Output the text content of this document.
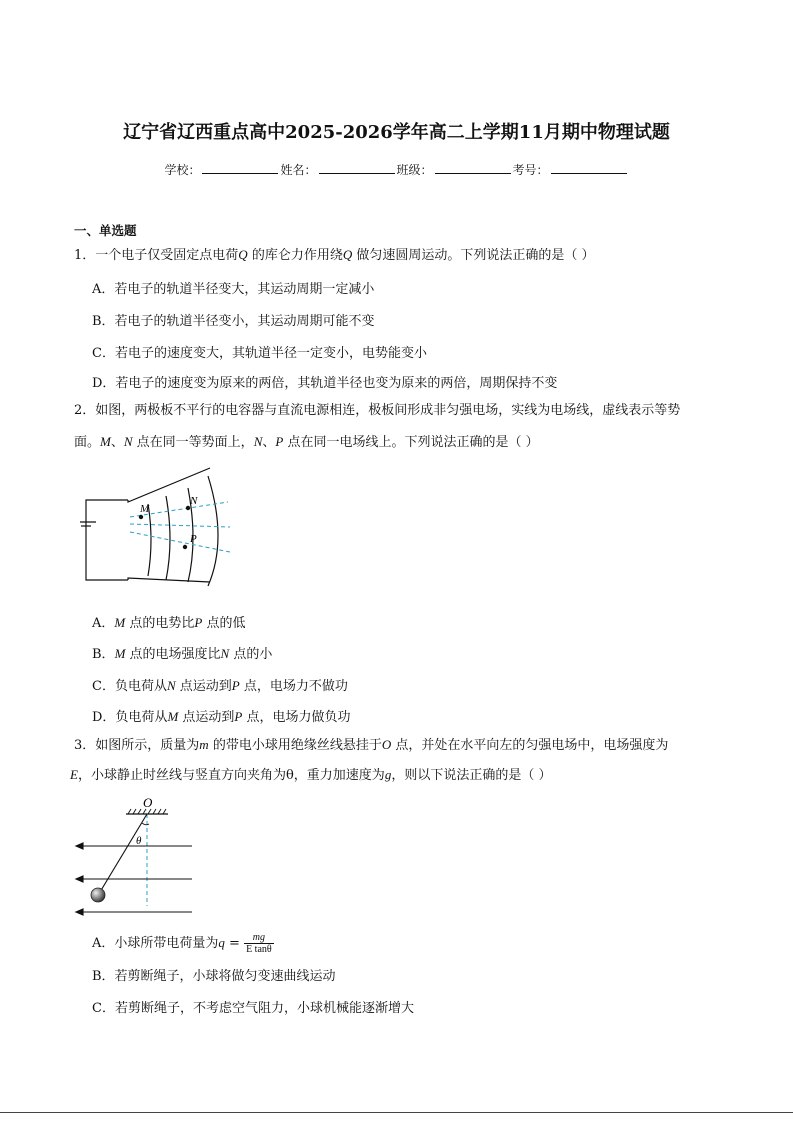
辽宁省辽西重点高中2025-2026学年高二上学期11月期中物理试题
学校：	姓名：	班级：	考号：
一、单选题
1．一个电子仅受固定点电荷Q 的库仑力作用绕Q 做匀速圆周运动。下列说法正确的是（ ）
A．若电子的轨道半径变大，其运动周期一定减小
B．若电子的轨道半径变小，其运动周期可能不变
C．若电子的速度变大，其轨道半径一定变小，电势能变小
D．若电子的速度变为原来的两倍，其轨道半径也变为原来的两倍，周期保持不变
2．如图，两极板不平行的电容器与直流电源相连，极板间形成非匀强电场，实线为电场线，虚线表示等势
面。M、N 点在同一等势面上，N、P 点在同一电场线上。下列说法正确的是（ ）
M
N
P
A．M 点的电势比P 点的低
B．M 点的电场强度比N 点的小
C．负电荷从N 点运动到P 点，电场力不做功
D．负电荷从M 点运动到P 点，电场力做负功
3．如图所示，质量为m 的带电小球用绝缘丝线悬挂于O 点，并处在水平向左的匀强电场中，电场强度为
E，小球静止时丝线与竖直方向夹角为θ，重力加速度为g，则以下说法正确的是（ ）
O
θ
A．小球所带电荷量为$q = \frac{mg}{\text{E tanθ}}$
B．若剪断绳子，小球将做匀变速曲线运动
C．若剪断绳子，不考虑空气阻力，小球机械能逐渐增大
